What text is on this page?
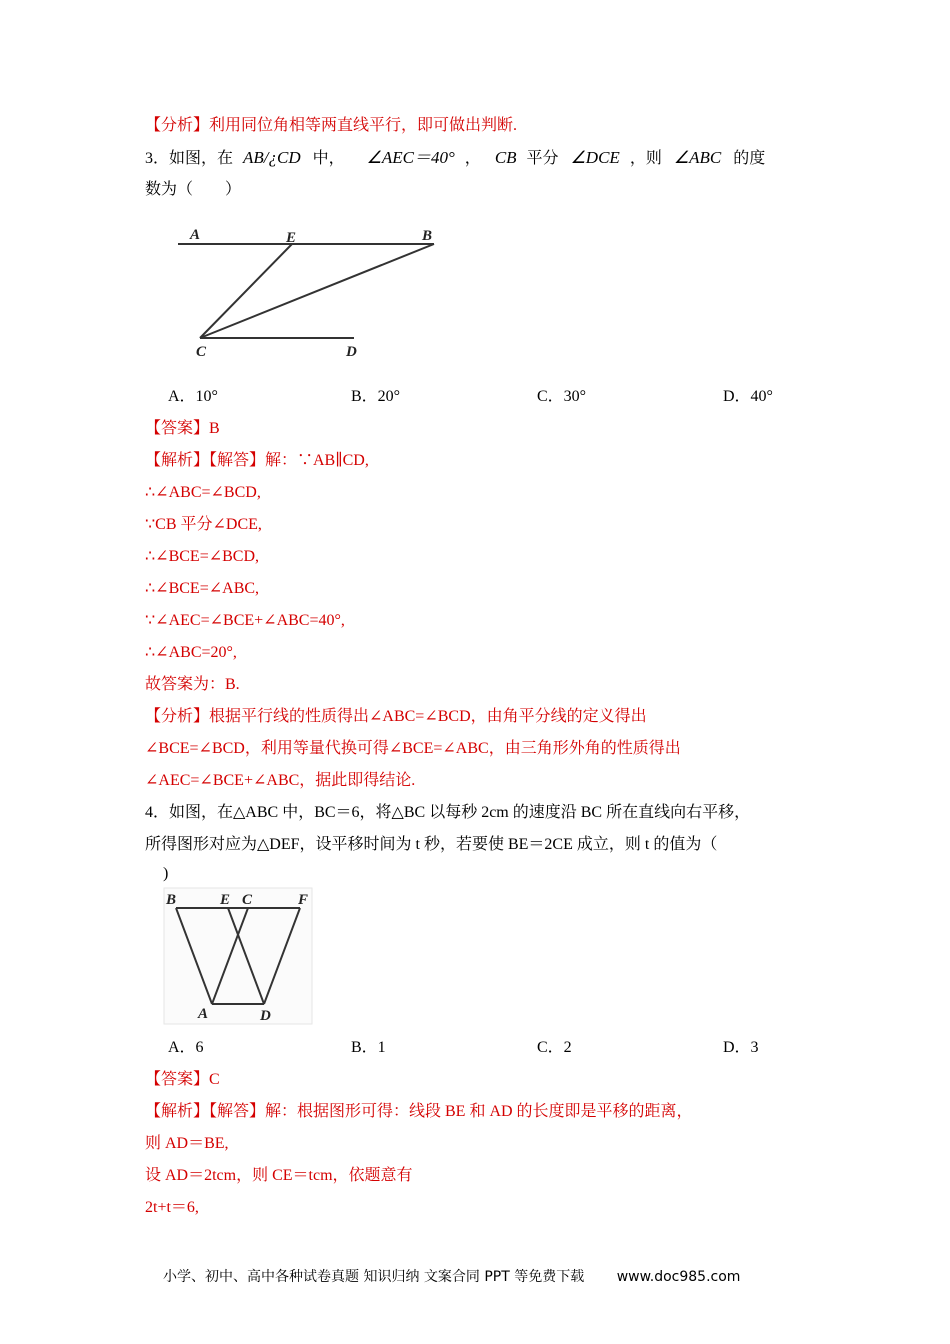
【分析】利用同位角相等两直线平行，即可做出判断.
3．如图，在 AB/¿CD 中， ∠AEC＝40° ， CB 平分 ∠DCE ，则 ∠ABC 的度
数为（　　）
A	E	B
C	D
A．10°	B．20°	C．30°	D．40°
【答案】B
【解析】【解答】解：∵AB∥CD,
∴∠ABC=∠BCD,
∵CB 平分∠DCE,
∴∠BCE=∠BCD,
∴∠BCE=∠ABC,
∵∠AEC=∠BCE+∠ABC=40°,
∴∠ABC=20°,
故答案为：B.
【分析】根据平行线的性质得出∠ABC=∠BCD，由角平分线的定义得出
∠BCE=∠BCD，利用等量代换可得∠BCE=∠ABC，由三角形外角的性质得出
∠AEC=∠BCE+∠ABC，据此即得结论.
4．如图，在△ABC 中，BC＝6，将△BC 以每秒 2cm 的速度沿 BC 所在直线向右平移，
所得图形对应为△DEF，设平移时间为 t 秒，若要使 BE＝2CE 成立，则 t 的值为（
)
B	E C	F
A	D
A．6	B．1	C．2	D．3
【答案】C
【解析】【解答】解：根据图形可得：线段 BE 和 AD 的长度即是平移的距离，
则 AD＝BE,
设 AD＝2tcm，则 CE＝tcm，依题意有
2t+t＝6,
小学、初中、高中各种试卷真题 知识归纳 文案合同 PPT 等免费下载 www.doc985.com
